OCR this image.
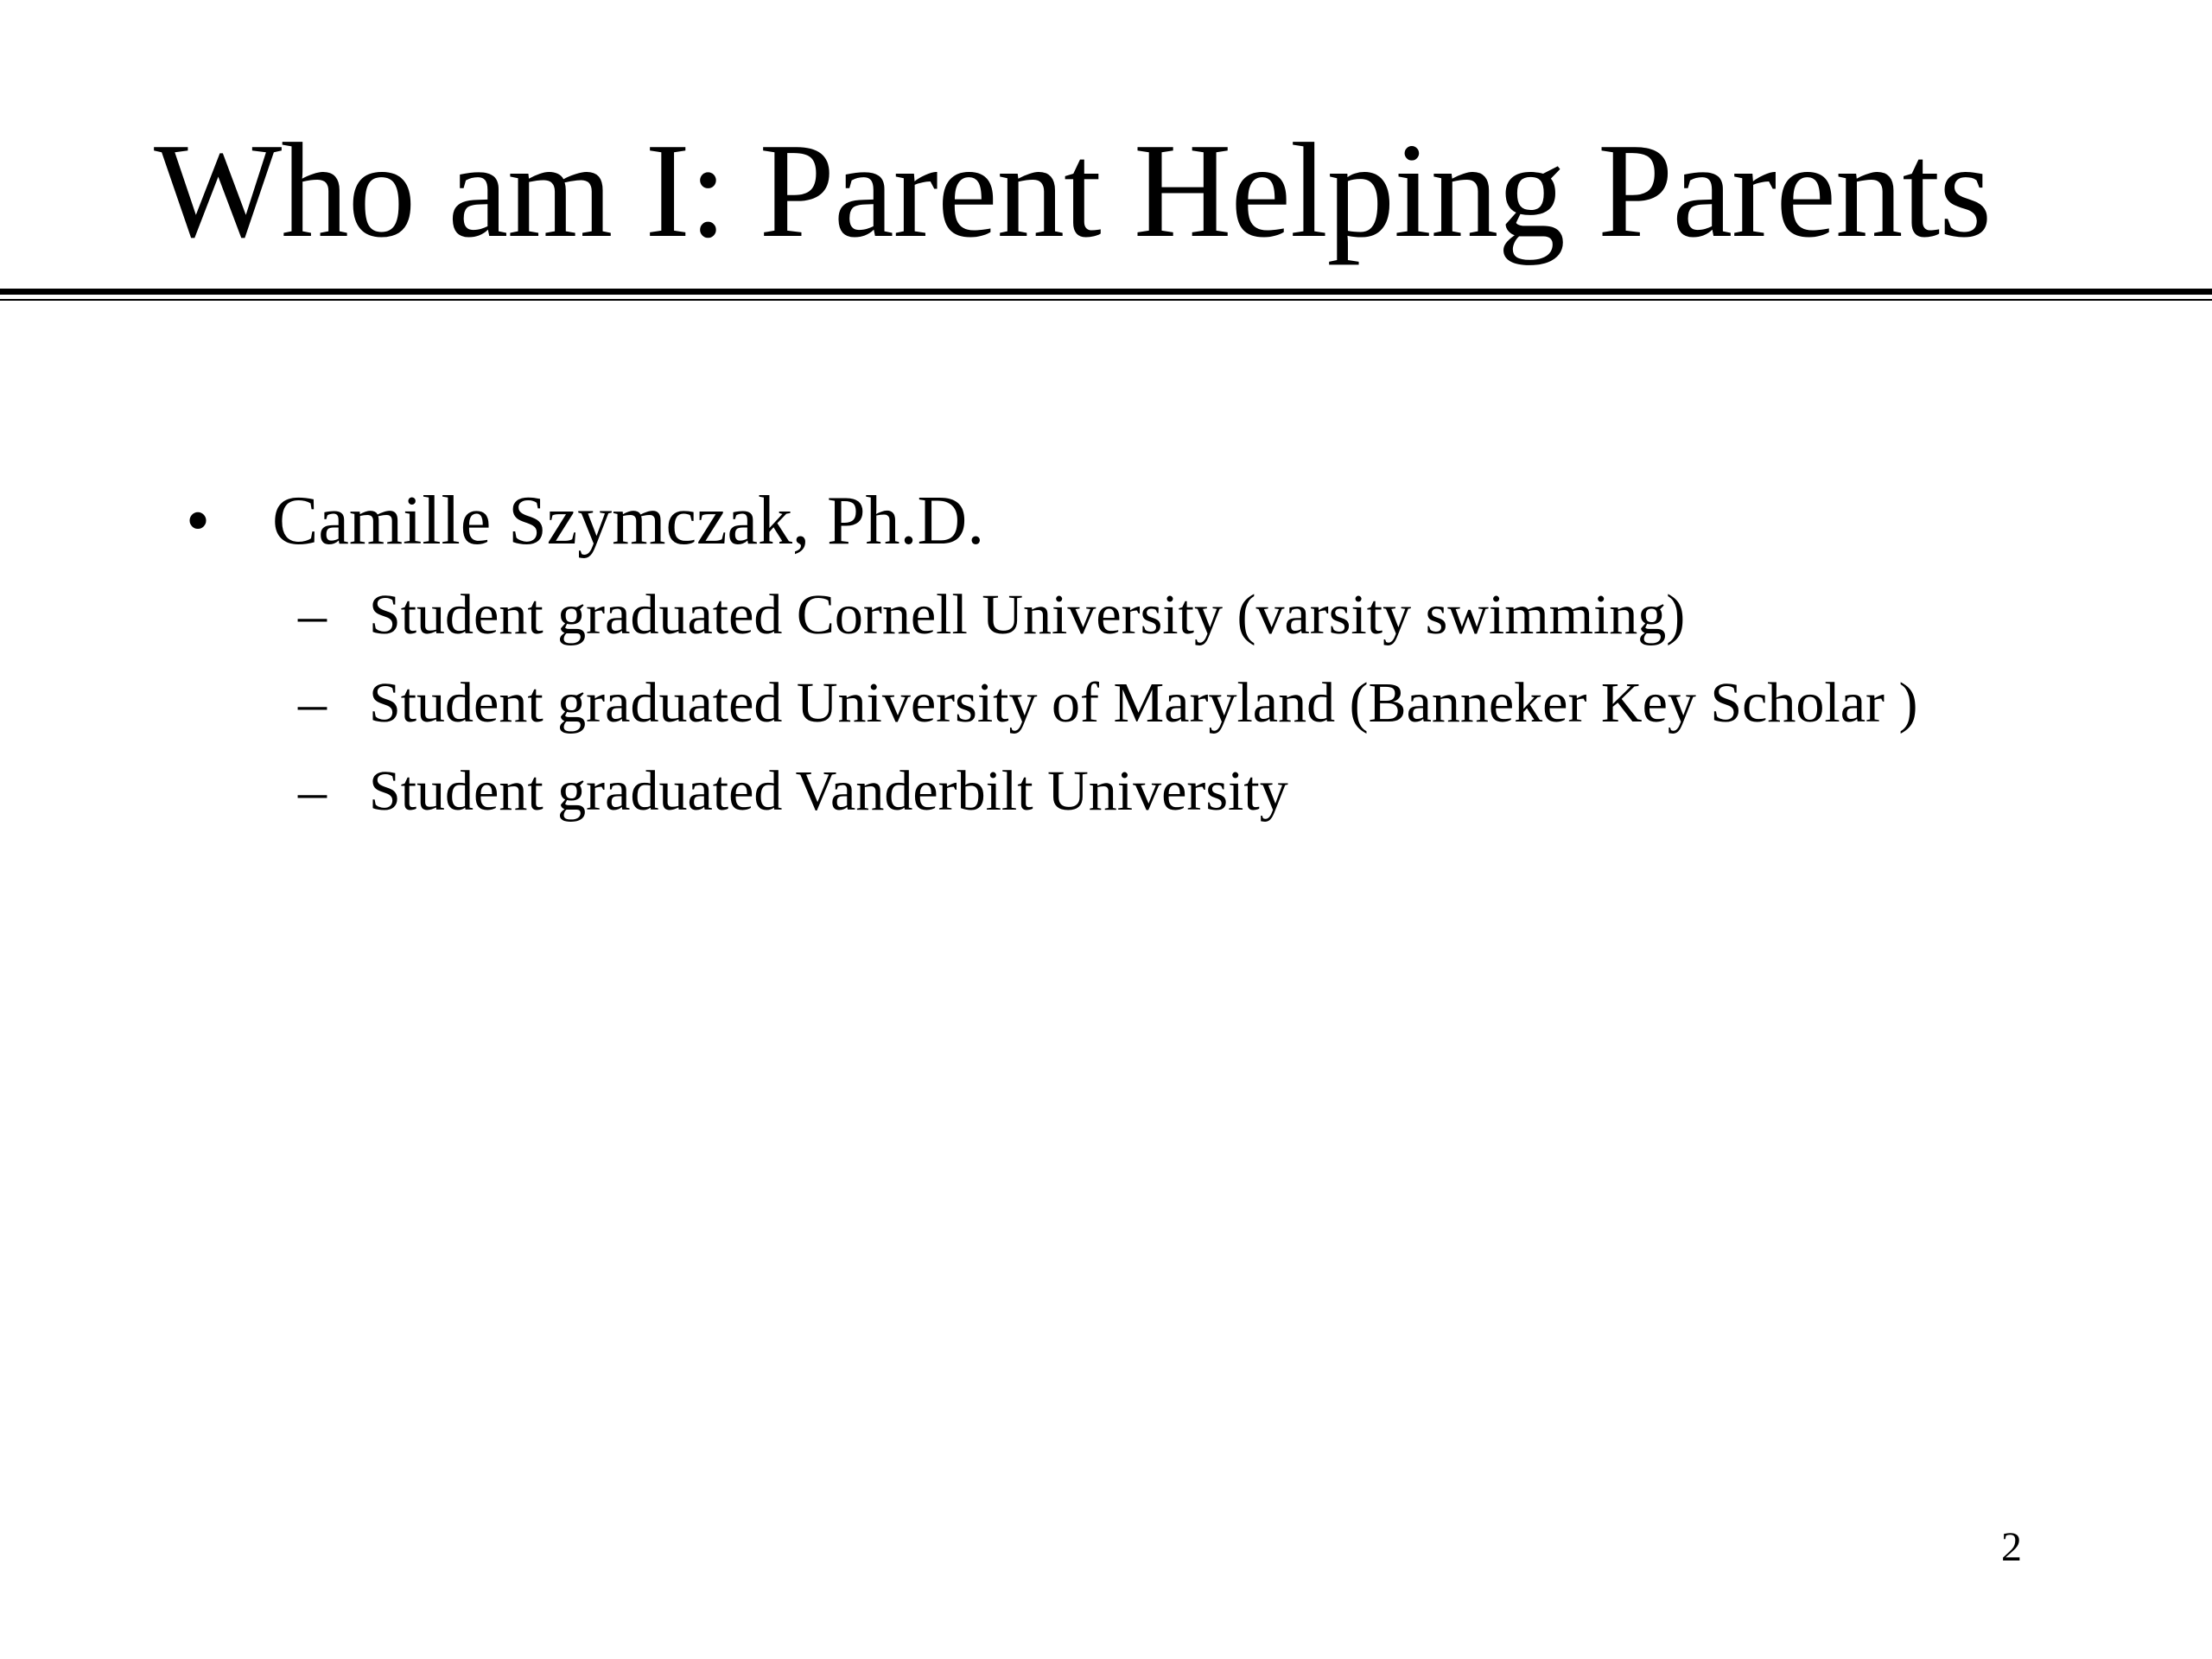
Who am I: Parent Helping Parents
• Camille Szymczak, Ph.D.
– Student graduated Cornell University (varsity swimming)
– Student graduated University of Maryland (Banneker Key Scholar )
– Student graduated Vanderbilt University
2
